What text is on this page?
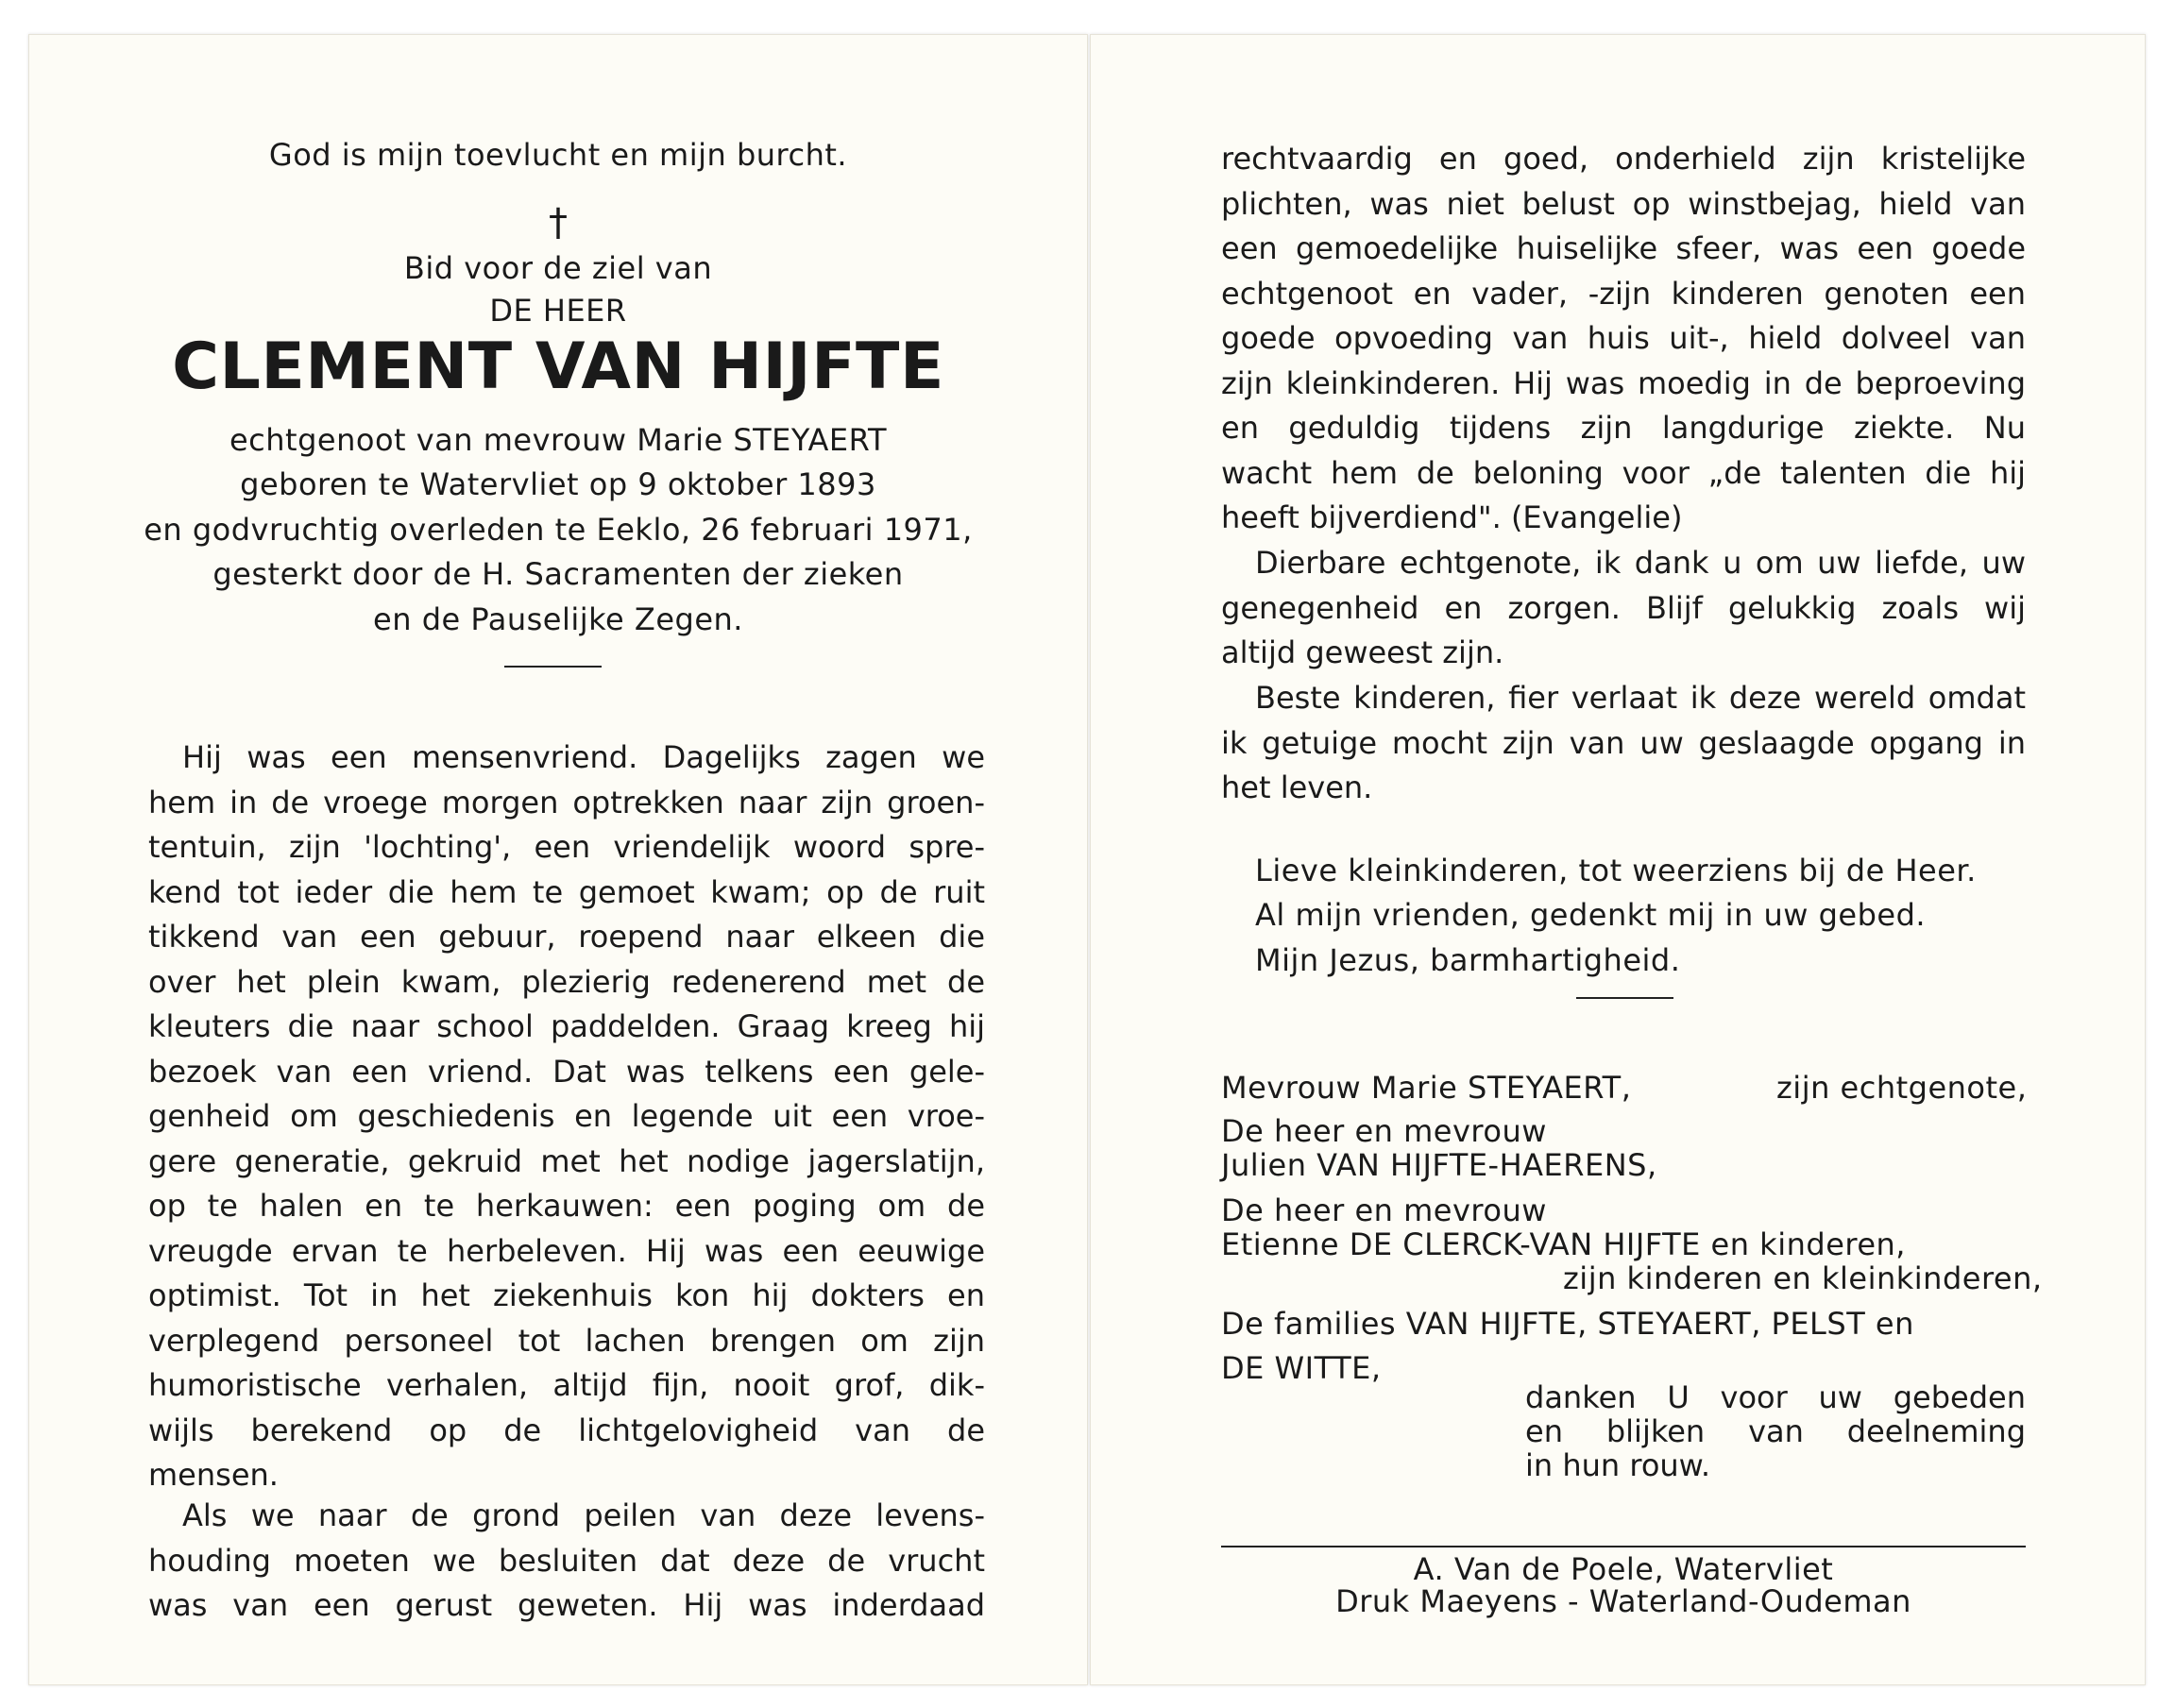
God is mijn toevlucht en mijn burcht.
†
Bid voor de ziel van
DE HEER
CLEMENT VAN HIJFTE
echtgenoot van mevrouw Marie STEYAERT
geboren te Watervliet op 9 oktober 1893
en godvruchtig overleden te Eeklo, 26 februari 1971,
gesterkt door de H. Sacramenten der zieken
en de Pauselijke Zegen.
Hij was een mensenvriend. Dagelijks zagen we
hem in de vroege morgen optrekken naar zijn groen-
tentuin, zijn 'lochting', een vriendelijk woord spre-
kend tot ieder die hem te gemoet kwam; op de ruit
tikkend van een gebuur, roepend naar elkeen die
over het plein kwam, plezierig redenerend met de
kleuters die naar school paddelden. Graag kreeg hij
bezoek van een vriend. Dat was telkens een gele-
genheid om geschiedenis en legende uit een vroe-
gere generatie, gekruid met het nodige jagerslatijn,
op te halen en te herkauwen: een poging om de
vreugde ervan te herbeleven. Hij was een eeuwige
optimist. Tot in het ziekenhuis kon hij dokters en
verplegend personeel tot lachen brengen om zijn
humoristische verhalen, altijd fijn, nooit grof, dik-
wijls berekend op de lichtgelovigheid van de
mensen.
Als we naar de grond peilen van deze levens-
houding moeten we besluiten dat deze de vrucht
was van een gerust geweten. Hij was inderdaad
rechtvaardig en goed, onderhield zijn kristelijke
plichten, was niet belust op winstbejag, hield van
een gemoedelijke huiselijke sfeer, was een goede
echtgenoot en vader, -zijn kinderen genoten een
goede opvoeding van huis uit-, hield dolveel van
zijn kleinkinderen. Hij was moedig in de beproeving
en geduldig tijdens zijn langdurige ziekte. Nu
wacht hem de beloning voor „de talenten die hij
heeft bijverdiend". (Evangelie)
Dierbare echtgenote, ik dank u om uw liefde, uw
genegenheid en zorgen. Blijf gelukkig zoals wij
altijd geweest zijn.
Beste kinderen, fier verlaat ik deze wereld omdat
ik getuige mocht zijn van uw geslaagde opgang in
het leven.
Lieve kleinkinderen, tot weerziens bij de Heer.
Al mijn vrienden, gedenkt mij in uw gebed.
Mijn Jezus, barmhartigheid.
Mevrouw Marie STEYAERT,	zijn echtgenote,
De heer en mevrouw
Julien VAN HIJFTE-HAERENS,
De heer en mevrouw
Etienne DE CLERCK-VAN HIJFTE en kinderen,
zijn kinderen en kleinkinderen,
De families VAN HIJFTE, STEYAERT, PELST en
DE WITTE,
danken U voor uw gebeden
en blijken van deelneming
in hun rouw.
A. Van de Poele, Watervliet
Druk Maeyens - Waterland-Oudeman
